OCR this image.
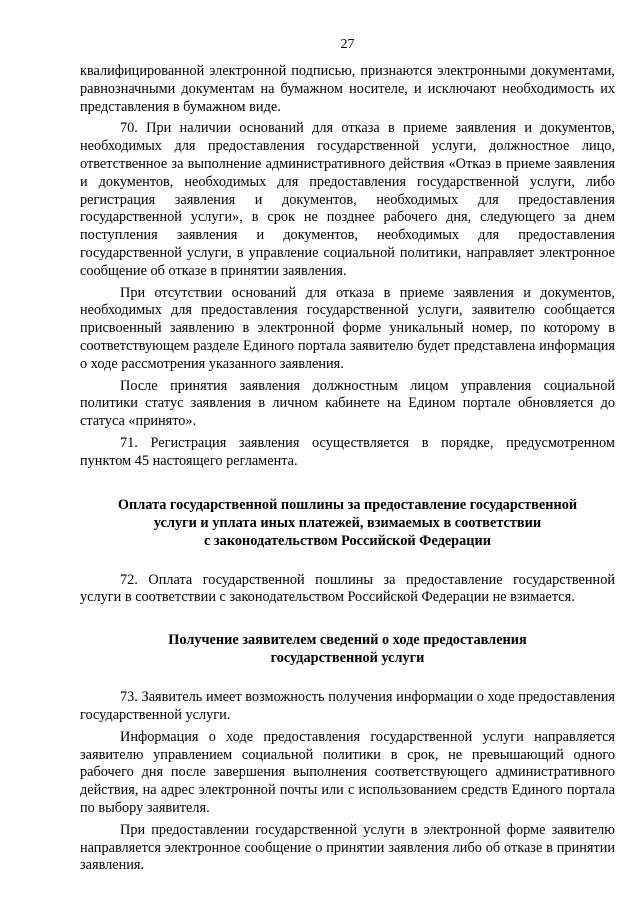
27

квалифицированной электронной подписью, признаются электронными документами, равнозначными документам на бумажном носителе, и исключают необходимость их представления в бумажном виде.

70. При наличии оснований для отказа в приеме заявления и документов, необходимых для предоставления государственной услуги, должностное лицо, ответственное за выполнение административного действия «Отказ в приеме заявления и документов, необходимых для предоставления государственной услуги, либо регистрация заявления и документов, необходимых для предоставления государственной услуги», в срок не позднее рабочего дня, следующего за днем поступления заявления и документов, необходимых для предоставления государственной услуги, в управление социальной политики, направляет электронное сообщение об отказе в принятии заявления.

При отсутствии оснований для отказа в приеме заявления и документов, необходимых для предоставления государственной услуги, заявителю сообщается присвоенный заявлению в электронной форме уникальный номер, по которому в соответствующем разделе Единого портала заявителю будет представлена информация о ходе рассмотрения указанного заявления.

После принятия заявления должностным лицом управления социальной политики статус заявления в личном кабинете на Едином портале обновляется до статуса «принято».

71. Регистрация заявления осуществляется в порядке, предусмотренном пунктом 45 настоящего регламента.

Оплата государственной пошлины за предоставление государственной
услуги и уплата иных платежей, взимаемых в соответствии
с законодательством Российской Федерации

72. Оплата государственной пошлины за предоставление государственной услуги в соответствии с законодательством Российской Федерации не взимается.

Получение заявителем сведений о ходе предоставления
государственной услуги

73. Заявитель имеет возможность получения информации о ходе предоставления государственной услуги.

Информация о ходе предоставления государственной услуги направляется заявителю управлением социальной политики в срок, не превышающий одного рабочего дня после завершения выполнения соответствующего административного действия, на адрес электронной почты или с использованием средств Единого портала по выбору заявителя.

При предоставлении государственной услуги в электронной форме заявителю направляется электронное сообщение о принятии заявления либо об отказе в принятии заявления.
